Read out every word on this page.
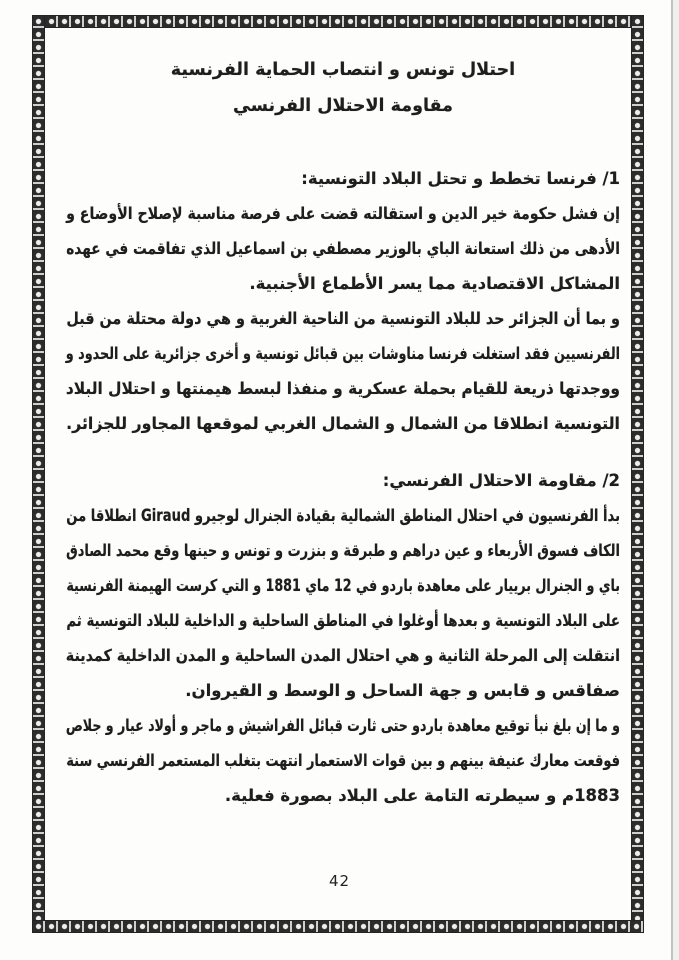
احتلال تونس و انتصاب الحماية الفرنسية
مقاومة الاحتلال الفرنسي
1/ فرنسا تخطط و تحتل البلاد التونسية:
إن فشل حكومة خير الدين و استقالته قضت على فرصة مناسبة لإصلاح الأوضاع و
الأدهى من ذلك استعانة الباي بالوزير مصطفي بن اسماعيل الذي تفاقمت في عهده
المشاكل الاقتصادية مما يسر الأطماع الأجنبية.
و بما أن الجزائر حد للبلاد التونسية من الناحية الغربية و هي دولة محتلة من قبل
الفرنسيين فقد استغلت فرنسا مناوشات بين قبائل تونسية و أخرى جزائرية على الحدود و
ووجدتها ذريعة للقيام بحملة عسكرية و منفذا لبسط هيمنتها و احتلال البلاد
التونسية انطلاقا من الشمال و الشمال الغربي لموقعها المجاور للجزائر.
2/ مقاومة الاحتلال الفرنسي:
بدأ الفرنسيون في احتلال المناطق الشمالية بقيادة الجنرال لوجيرو Giraud انطلاقا من
الكاف فسوق الأربعاء و عين دراهم و طبرقة و بنزرت و تونس و حينها وقع محمد الصادق
باي و الجنرال برييار على معاهدة باردو في 12 ماي 1881 و التي كرست الهيمنة الفرنسية
على البلاد التونسية و بعدها أوغلوا في المناطق الساحلية و الداخلية للبلاد التونسية ثم
انتقلت إلى المرحلة الثانية و هي احتلال المدن الساحلية و المدن الداخلية كمدينة
صفاقس و قابس و جهة الساحل و الوسط و القيروان.
و ما إن بلغ نبأ توقيع معاهدة باردو حتى ثارت قبائل الفراشيش و ماجر و أولاد عيار و جلاص
فوقعت معارك عنيفة بينهم و بين قوات الاستعمار انتهت بتغلب المستعمر الفرنسي سنة
1883م و سيطرته التامة على البلاد بصورة فعلية.
42
